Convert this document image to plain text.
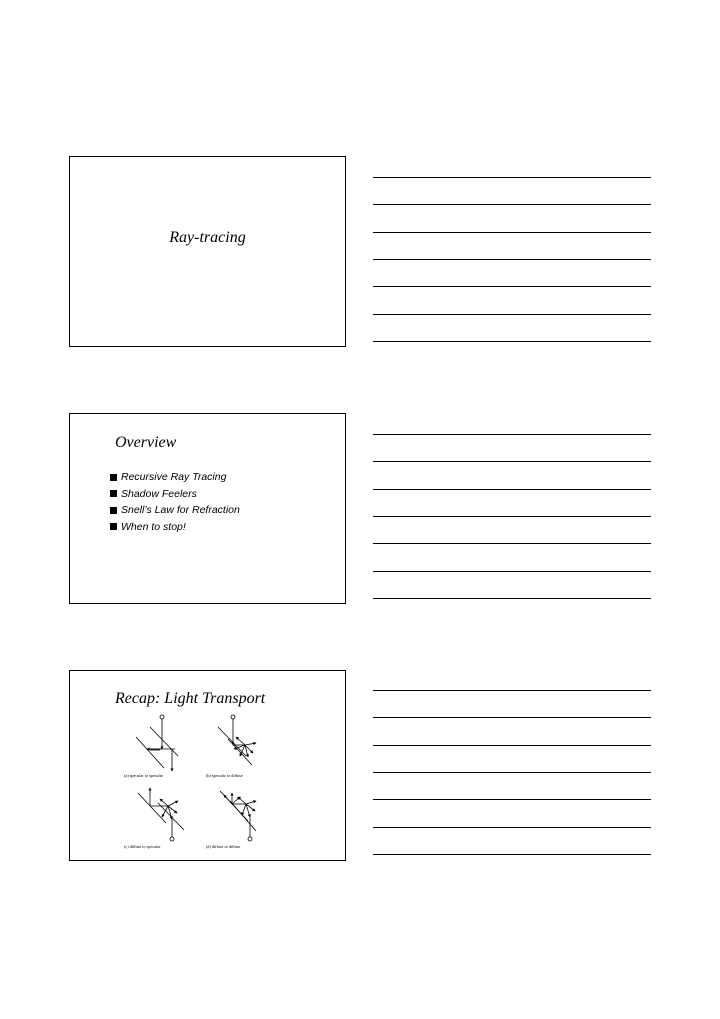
Ray-tracing
Overview
Recursive Ray Tracing
Shadow Feelers
Snell’s Law for Refraction
When to stop!
Recap: Light Transport
(a) specular to specular	(b) specular to diffuse
(c) diffuse to specular	(d) diffuse to diffuse
